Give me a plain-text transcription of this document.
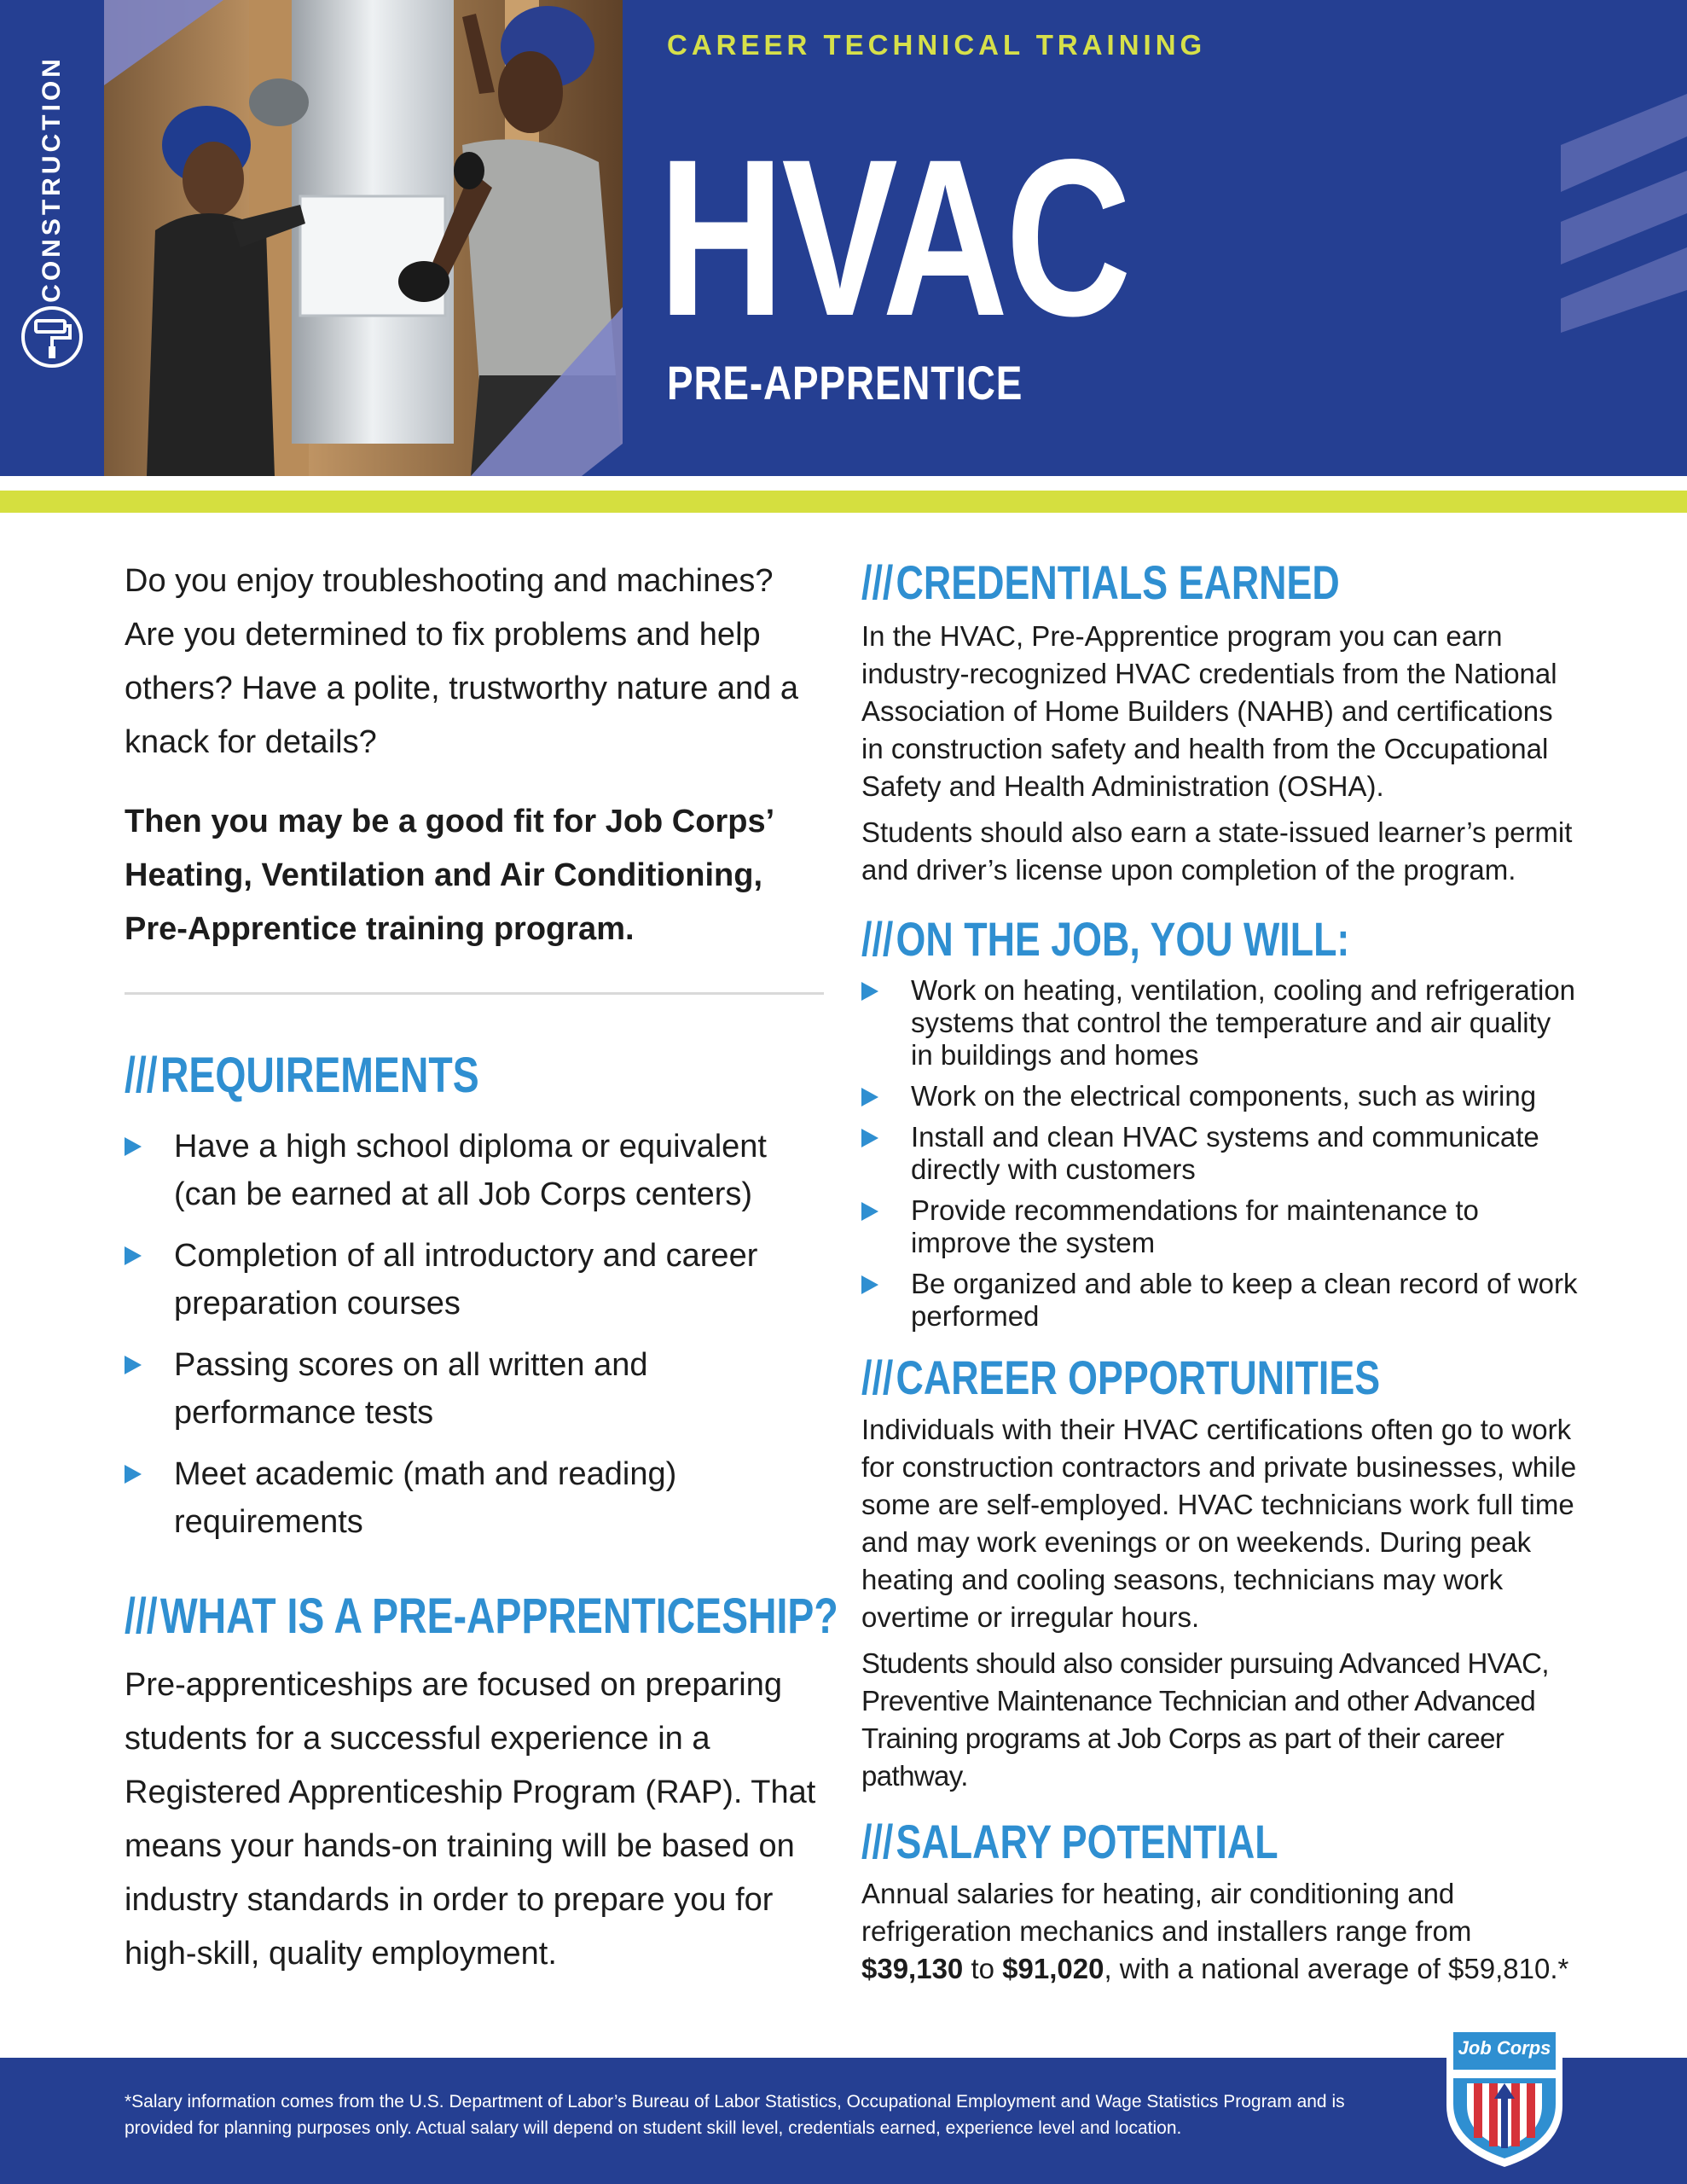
CONSTRUCTION
CAREER TECHNICAL TRAINING
HVAC
PRE-APPRENTICE

Do you enjoy troubleshooting and machines? Are you determined to fix problems and help others? Have a polite, trustworthy nature and a knack for details?

Then you may be a good fit for Job Corps’ Heating, Ventilation and Air Conditioning, Pre-Apprentice training program.

///REQUIREMENTS
Have a high school diploma or equivalent (can be earned at all Job Corps centers)
Completion of all introductory and career preparation courses
Passing scores on all written and performance tests
Meet academic (math and reading) requirements
///WHAT IS A PRE-APPRENTICESHIP?

Pre-apprenticeships are focused on preparing students for a successful experience in a Registered Apprenticeship Program (RAP). That means your hands-on training will be based on industry standards in order to prepare you for high-skill, quality employment.

///CREDENTIALS EARNED

In the HVAC, Pre-Apprentice program you can earn industry-recognized HVAC credentials from the National Association of Home Builders (NAHB) and certifications in construction safety and health from the Occupational Safety and Health Administration (OSHA).

Students should also earn a state-issued learner’s permit and driver’s license upon completion of the program.

///ON THE JOB, YOU WILL:
Work on heating, ventilation, cooling and refrigeration systems that control the temperature and air quality in buildings and homes
Work on the electrical components, such as wiring
Install and clean HVAC systems and communicate directly with customers
Provide recommendations for maintenance to improve the system
Be organized and able to keep a clean record of work performed
///CAREER OPPORTUNITIES

Individuals with their HVAC certifications often go to work for construction contractors and private businesses, while some are self-employed. HVAC technicians work full time and may work evenings or on weekends. During peak heating and cooling seasons, technicians may work overtime or irregular hours.

Students should also consider pursuing Advanced HVAC, Preventive Maintenance Technician and other Advanced Training programs at Job Corps as part of their career pathway.

///SALARY POTENTIAL

Annual salaries for heating, air conditioning and refrigeration mechanics and installers range from $39,130 to $91,020, with a national average of $59,810.*

*Salary information comes from the U.S. Department of Labor’s Bureau of Labor Statistics, Occupational Employment and Wage Statistics Program and is provided for planning purposes only. Actual salary will depend on student skill level, credentials earned, experience level and location.

Job Corps
